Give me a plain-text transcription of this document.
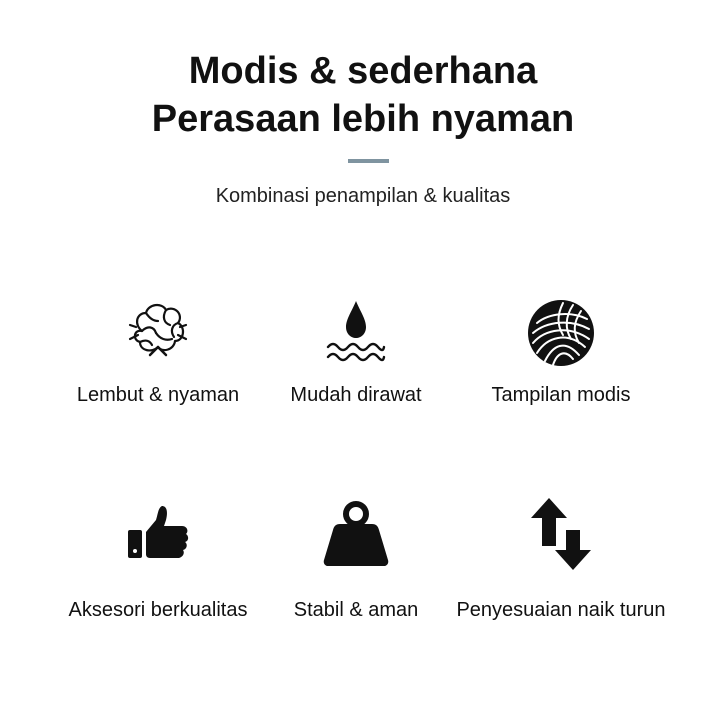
Modis & sederhana
Perasaan lebih nyaman
Kombinasi penampilan & kualitas
Lembut & nyaman	Mudah dirawat	Tampilan modis
Aksesori berkualitas	Stabil & aman	Penyesuaian naik turun
